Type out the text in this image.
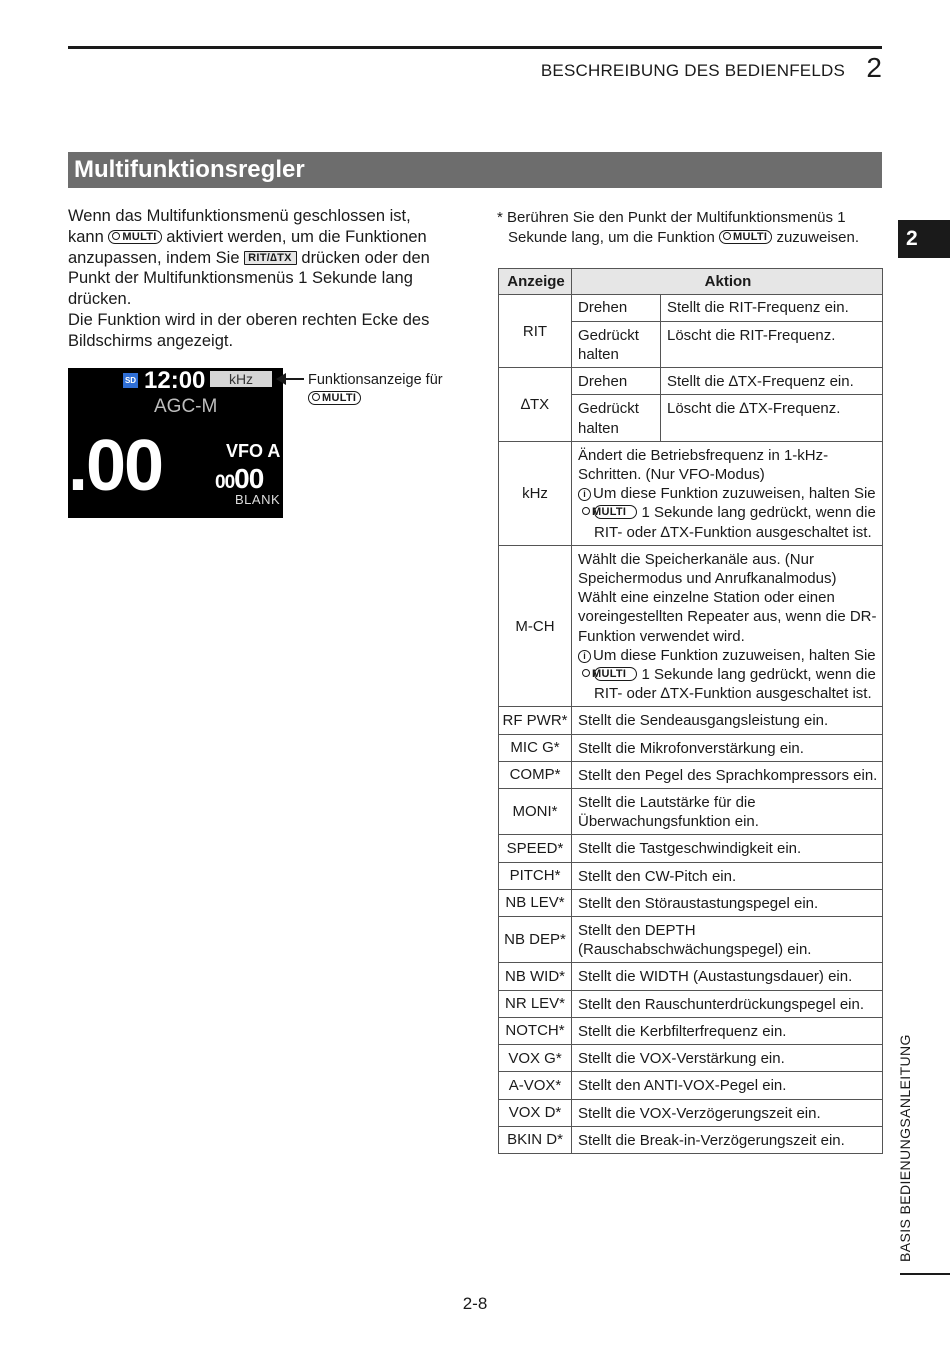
BESCHREIBUNG DES BEDIENFELDS 2
2
BASIS BEDIENUNGSANLEITUNG
Multifunktionsregler

Wenn das Multifunktionsmenü geschlossen ist,

kann MULTI aktiviert werden, um die Funktionen

anzupassen, indem Sie RIT/∆TX drücken oder den

Punkt der Multifunktionsmenüs 1 Sekunde lang drücken.

Die Funktion wird in der oberen rechten Ecke des Bildschirms angezeigt.

SD 12:00	kHz
AGC-M
.00	VFO A
0000
BLANK
Funktionsanzeige für
MULTI
* Berühren Sie den Punkt der Multifunktionsmenüs 1
Sekunde lang, um die Funktion MULTI zuzuweisen.
Anzeige	Aktion	
RIT	Drehen	Stellt die RIT-Frequenz ein.
	Gedrückt halten	Löscht die RIT-Frequenz.
∆TX	Drehen	Stellt die ∆TX-Frequenz ein.
	Gedrückt halten	Löscht die ∆TX-Frequenz.
kHz	Ändert die Betriebsfrequenz in 1-kHz-Schritten. (Nur VFO-Modus)
i Um diese Funktion zuzuweisen, halten Sie MULTI 1 Sekunde lang gedrückt, wenn die RIT- oder ∆TX-Funktion ausgeschaltet ist.	

M-CH	Wählt die Speicherkanäle aus. (Nur Speichermodus und Anrufkanalmodus)
Wählt eine einzelne Station oder einen voreingestellten Repeater aus, wenn die DR-Funktion verwendet wird.
i Um diese Funktion zuzuweisen, halten Sie MULTI 1 Sekunde lang gedrückt, wenn die RIT- oder ∆TX-Funktion ausgeschaltet ist.	

RF PWR*	Stellt die Sendeausgangsleistung ein.	
MIC G*	Stellt die Mikrofonverstärkung ein.	
COMP*	Stellt den Pegel des Sprachkompressors ein.	
MONI*	Stellt die Lautstärke für die Überwachungsfunktion ein.	
SPEED*	Stellt die Tastgeschwindigkeit ein.	
PITCH*	Stellt den CW-Pitch ein.	
NB LEV*	Stellt den Störaustastungspegel ein.	
NB DEP*	Stellt den DEPTH (Rauschabschwächungspegel) ein.	
NB WID*	Stellt die WIDTH (Austastungsdauer) ein.	
NR LEV*	Stellt den Rauschunterdrückungspegel ein.	
NOTCH*	Stellt die Kerbfilterfrequenz ein.	
VOX G*	Stellt die VOX-Verstärkung ein.	
A-VOX*	Stellt den ANTI-VOX-Pegel ein.	
VOX D*	Stellt die VOX-Verzögerungszeit ein.	
BKIN D*	Stellt die Break-in-Verzögerungszeit ein.	
2-8
